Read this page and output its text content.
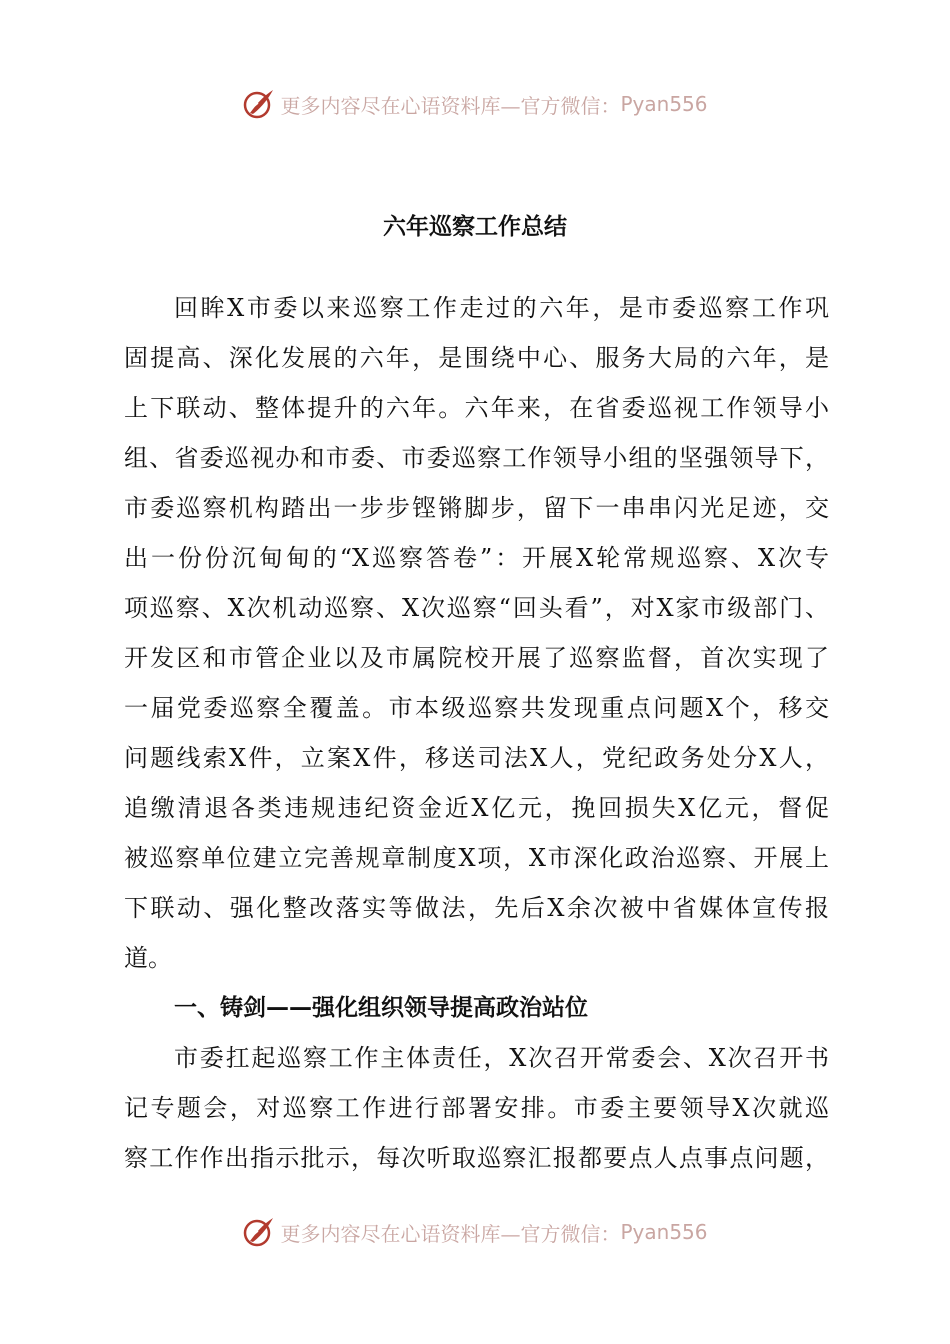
更多内容尽在心语资料库—官方微信： Pyan556
六年巡察工作总结
回眸X市委以来巡察工作走过的六年，是市委巡察工作巩
固提高、深化发展的六年，是围绕中心、服务大局的六年，是
上下联动、整体提升的六年。六年来，在省委巡视工作领导小
组、省委巡视办和市委、市委巡察工作领导小组的坚强领导下，
市委巡察机构踏出一步步铿锵脚步，留下一串串闪光足迹，交
出一份份沉甸甸的“X巡察答卷”：开展X轮常规巡察、X次专
项巡察、X次机动巡察、X次巡察“回头看”，对X家市级部门、
开发区和市管企业以及市属院校开展了巡察监督，首次实现了
一届党委巡察全覆盖。市本级巡察共发现重点问题X个，移交
问题线索X件，立案X件，移送司法X人，党纪政务处分X人，
追缴清退各类违规违纪资金近X亿元，挽回损失X亿元，督促
被巡察单位建立完善规章制度X项，X市深化政治巡察、开展上
下联动、强化整改落实等做法，先后X余次被中省媒体宣传报
道。
一、铸剑——强化组织领导提高政治站位
市委扛起巡察工作主体责任，X次召开常委会、X次召开书
记专题会，对巡察工作进行部署安排。市委主要领导X次就巡
察工作作出指示批示，每次听取巡察汇报都要点人点事点问题，
更多内容尽在心语资料库—官方微信： Pyan556
